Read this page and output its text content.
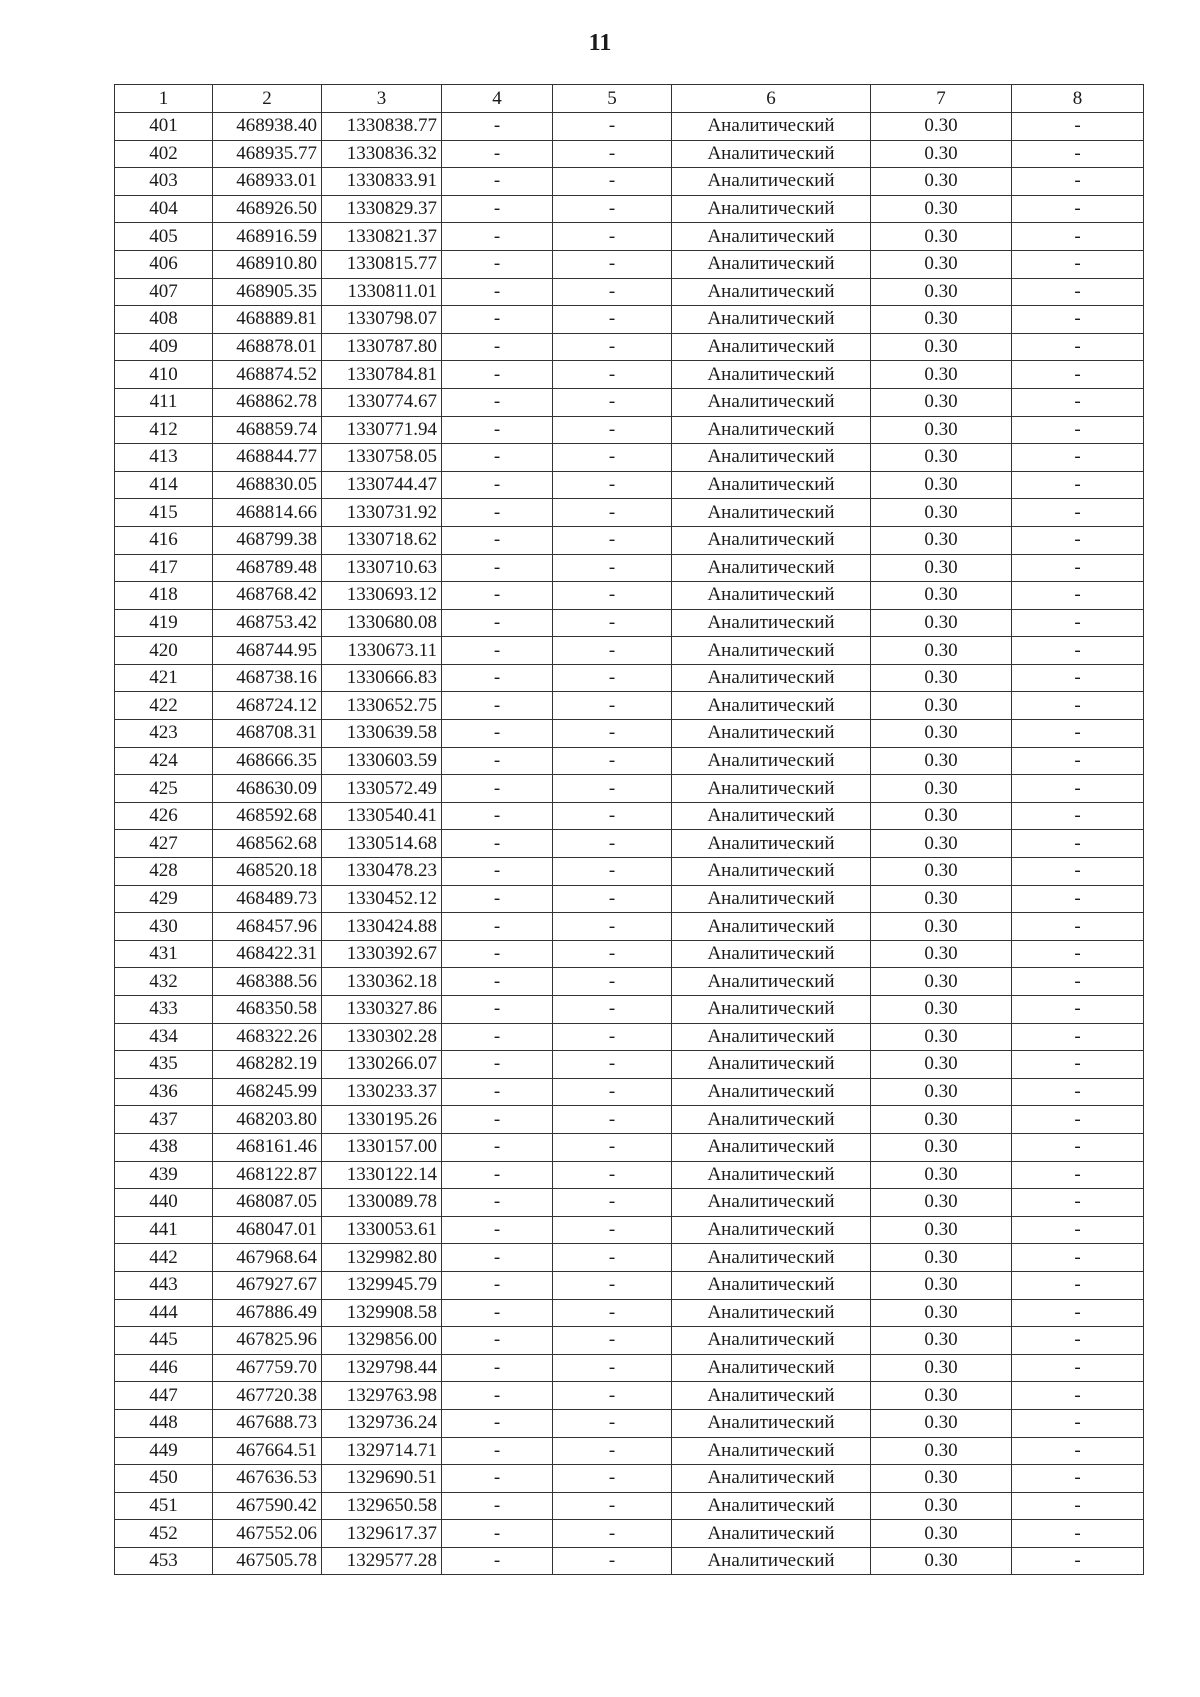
11
1	2	3	4	5	6	7	8
401	468938.40	1330838.77	-	-	Аналитический	0.30	-
402	468935.77	1330836.32	-	-	Аналитический	0.30	-
403	468933.01	1330833.91	-	-	Аналитический	0.30	-
404	468926.50	1330829.37	-	-	Аналитический	0.30	-
405	468916.59	1330821.37	-	-	Аналитический	0.30	-
406	468910.80	1330815.77	-	-	Аналитический	0.30	-
407	468905.35	1330811.01	-	-	Аналитический	0.30	-
408	468889.81	1330798.07	-	-	Аналитический	0.30	-
409	468878.01	1330787.80	-	-	Аналитический	0.30	-
410	468874.52	1330784.81	-	-	Аналитический	0.30	-
411	468862.78	1330774.67	-	-	Аналитический	0.30	-
412	468859.74	1330771.94	-	-	Аналитический	0.30	-
413	468844.77	1330758.05	-	-	Аналитический	0.30	-
414	468830.05	1330744.47	-	-	Аналитический	0.30	-
415	468814.66	1330731.92	-	-	Аналитический	0.30	-
416	468799.38	1330718.62	-	-	Аналитический	0.30	-
417	468789.48	1330710.63	-	-	Аналитический	0.30	-
418	468768.42	1330693.12	-	-	Аналитический	0.30	-
419	468753.42	1330680.08	-	-	Аналитический	0.30	-
420	468744.95	1330673.11	-	-	Аналитический	0.30	-
421	468738.16	1330666.83	-	-	Аналитический	0.30	-
422	468724.12	1330652.75	-	-	Аналитический	0.30	-
423	468708.31	1330639.58	-	-	Аналитический	0.30	-
424	468666.35	1330603.59	-	-	Аналитический	0.30	-
425	468630.09	1330572.49	-	-	Аналитический	0.30	-
426	468592.68	1330540.41	-	-	Аналитический	0.30	-
427	468562.68	1330514.68	-	-	Аналитический	0.30	-
428	468520.18	1330478.23	-	-	Аналитический	0.30	-
429	468489.73	1330452.12	-	-	Аналитический	0.30	-
430	468457.96	1330424.88	-	-	Аналитический	0.30	-
431	468422.31	1330392.67	-	-	Аналитический	0.30	-
432	468388.56	1330362.18	-	-	Аналитический	0.30	-
433	468350.58	1330327.86	-	-	Аналитический	0.30	-
434	468322.26	1330302.28	-	-	Аналитический	0.30	-
435	468282.19	1330266.07	-	-	Аналитический	0.30	-
436	468245.99	1330233.37	-	-	Аналитический	0.30	-
437	468203.80	1330195.26	-	-	Аналитический	0.30	-
438	468161.46	1330157.00	-	-	Аналитический	0.30	-
439	468122.87	1330122.14	-	-	Аналитический	0.30	-
440	468087.05	1330089.78	-	-	Аналитический	0.30	-
441	468047.01	1330053.61	-	-	Аналитический	0.30	-
442	467968.64	1329982.80	-	-	Аналитический	0.30	-
443	467927.67	1329945.79	-	-	Аналитический	0.30	-
444	467886.49	1329908.58	-	-	Аналитический	0.30	-
445	467825.96	1329856.00	-	-	Аналитический	0.30	-
446	467759.70	1329798.44	-	-	Аналитический	0.30	-
447	467720.38	1329763.98	-	-	Аналитический	0.30	-
448	467688.73	1329736.24	-	-	Аналитический	0.30	-
449	467664.51	1329714.71	-	-	Аналитический	0.30	-
450	467636.53	1329690.51	-	-	Аналитический	0.30	-
451	467590.42	1329650.58	-	-	Аналитический	0.30	-
452	467552.06	1329617.37	-	-	Аналитический	0.30	-
453	467505.78	1329577.28	-	-	Аналитический	0.30	-
